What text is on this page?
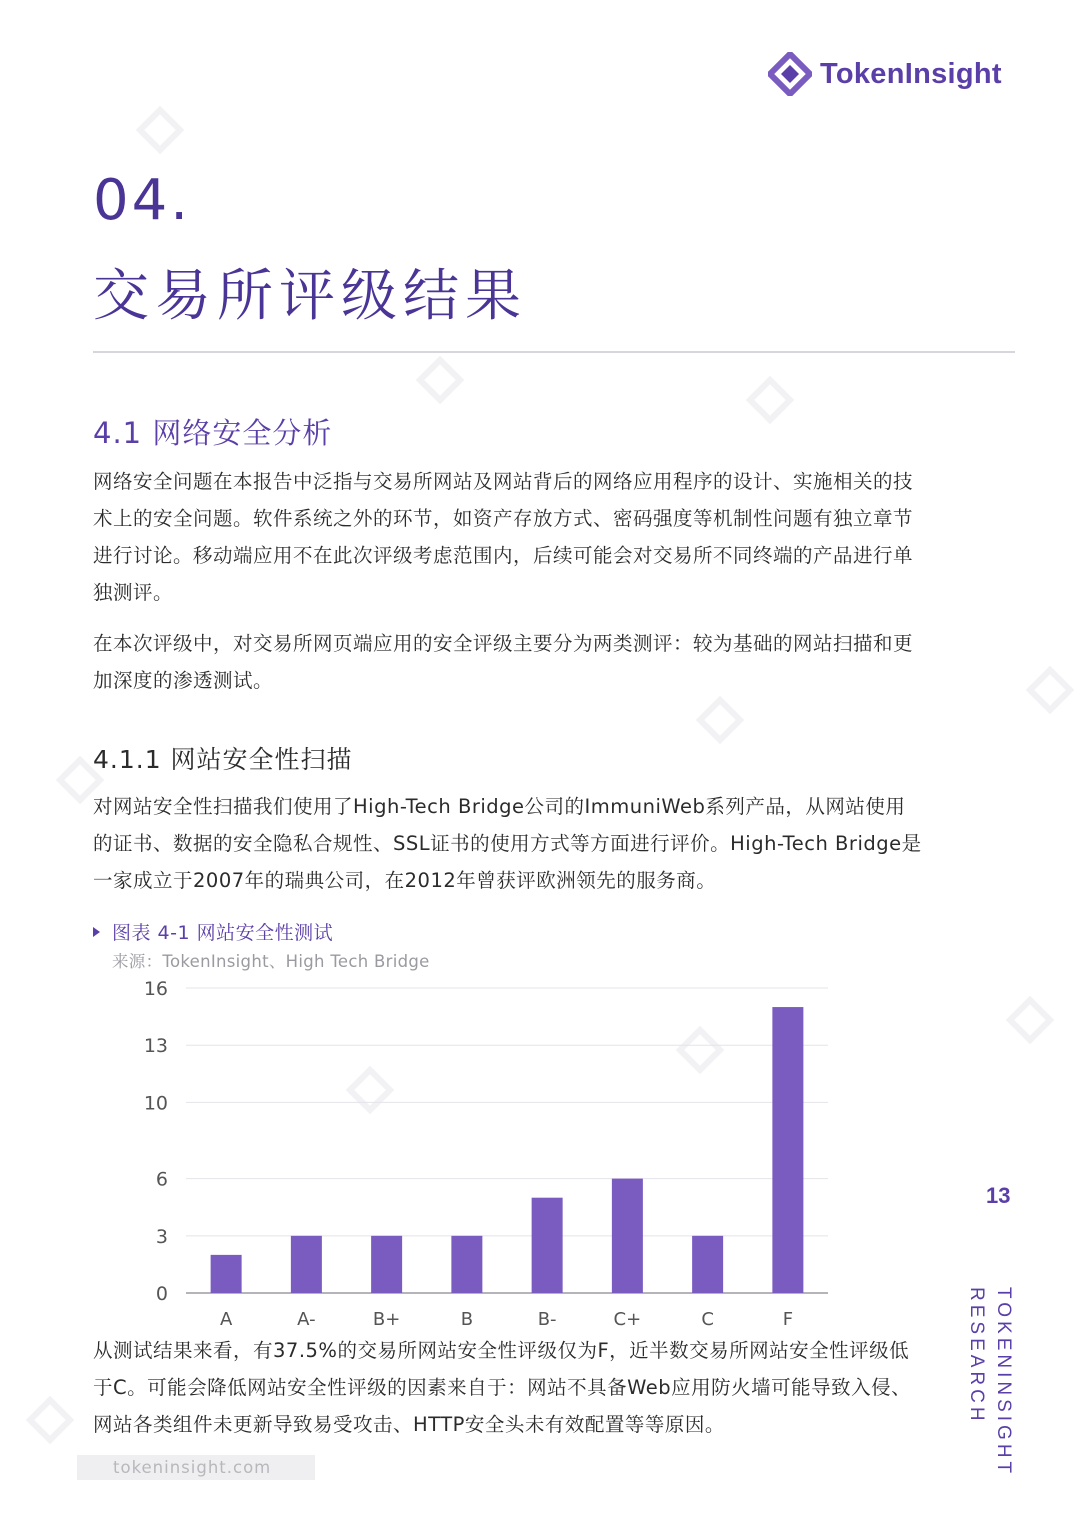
TokenInsight
04.
交易所评级结果
4.1 网络安全分析

网络安全问题在本报告中泛指与交易所网站及网站背后的网络应用程序的设计、实施相关的技术上的安全问题。软件系统之外的环节，如资产存放方式、密码强度等机制性问题有独立章节进行讨论。移动端应用不在此次评级考虑范围内，后续可能会对交易所不同终端的产品进行单独测评。

在本次评级中，对交易所网页端应用的安全评级主要分为两类测评：较为基础的网站扫描和更加深度的渗透测试。

4.1.1 网站安全性扫描

对网站安全性扫描我们使用了High-Tech Bridge公司的ImmuniWeb系列产品，从网站使用的证书、数据的安全隐私合规性、SSL证书的使用方式等方面进行评价。High-Tech Bridge是一家成立于2007年的瑞典公司，在2012年曾获评欧洲领先的服务商。

图表 4-1 网站安全性测试

来源：TokenInsight、High Tech Bridge

0
3
6
10
13
16
A	A-	B+	B	B-	C+	C	F

从测试结果来看，有37.5%的交易所网站安全性评级仅为F，近半数交易所网站安全性评级低于C。可能会降低网站安全性评级的因素来自于：网站不具备Web应用防火墙可能导致入侵、网站各类组件未更新导致易受攻击、HTTP安全头未有效配置等等原因。

13
TOKENINSIGHT
RESEARCH
tokeninsight.com
